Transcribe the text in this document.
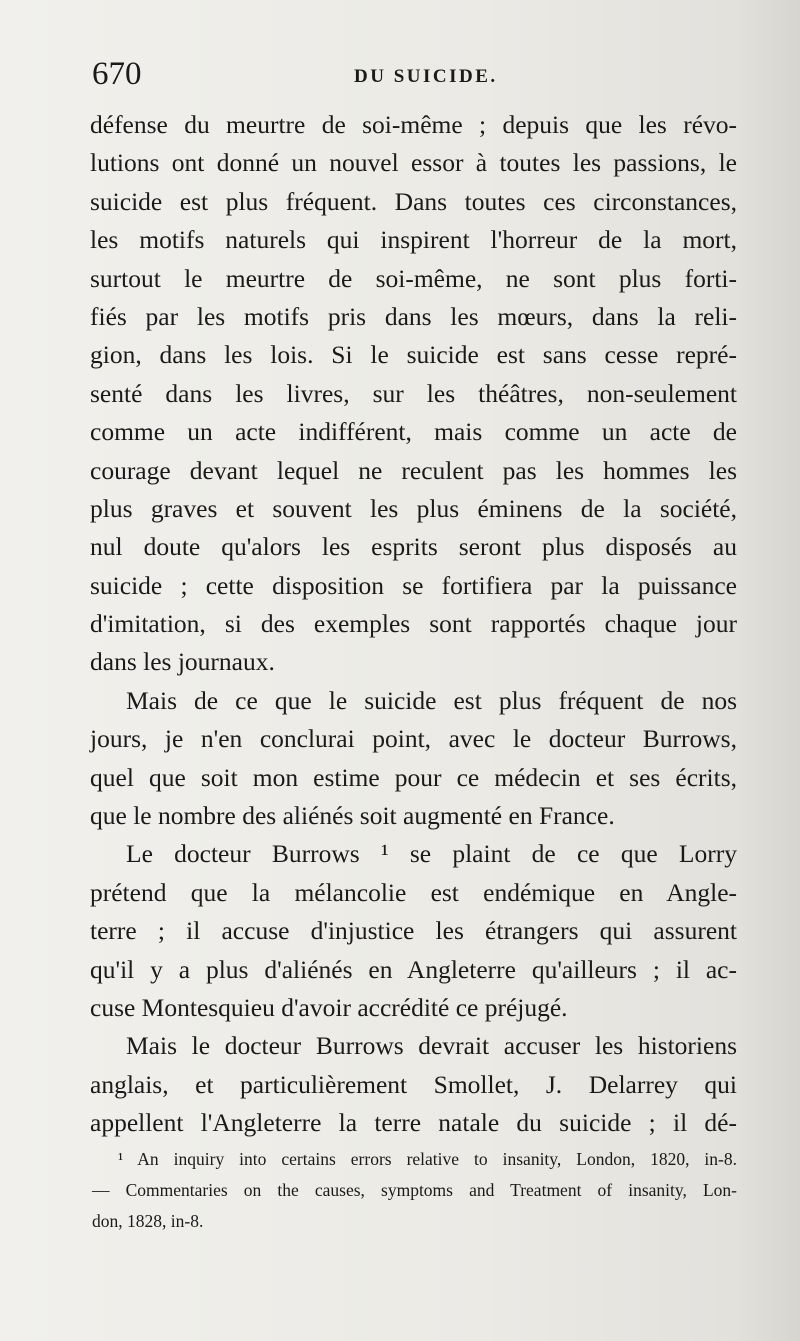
670	DU SUICIDE.
défense du meurtre de soi-même ; depuis que les révo-
lutions ont donné un nouvel essor à toutes les passions, le
suicide est plus fréquent. Dans toutes ces circonstances,
les motifs naturels qui inspirent l'horreur de la mort,
surtout le meurtre de soi-même, ne sont plus forti-
fiés par les motifs pris dans les mœurs, dans la reli-
gion, dans les lois. Si le suicide est sans cesse repré-
senté dans les livres, sur les théâtres, non-seulement
comme un acte indifférent, mais comme un acte de
courage devant lequel ne reculent pas les hommes les
plus graves et souvent les plus éminens de la société,
nul doute qu'alors les esprits seront plus disposés au
suicide ; cette disposition se fortifiera par la puissance
d'imitation, si des exemples sont rapportés chaque jour
dans les journaux.
Mais de ce que le suicide est plus fréquent de nos
jours, je n'en conclurai point, avec le docteur Burrows,
quel que soit mon estime pour ce médecin et ses écrits,
que le nombre des aliénés soit augmenté en France.
Le docteur Burrows ¹ se plaint de ce que Lorry
prétend que la mélancolie est endémique en Angle-
terre ; il accuse d'injustice les étrangers qui assurent
qu'il y a plus d'aliénés en Angleterre qu'ailleurs ; il ac-
cuse Montesquieu d'avoir accrédité ce préjugé.
Mais le docteur Burrows devrait accuser les historiens
anglais, et particulièrement Smollet, J. Delarrey qui
appellent l'Angleterre la terre natale du suicide ; il dé-
¹ An inquiry into certains errors relative to insanity, London, 1820, in-8.
— Commentaries on the causes, symptoms and Treatment of insanity, Lon-
don, 1828, in-8.
